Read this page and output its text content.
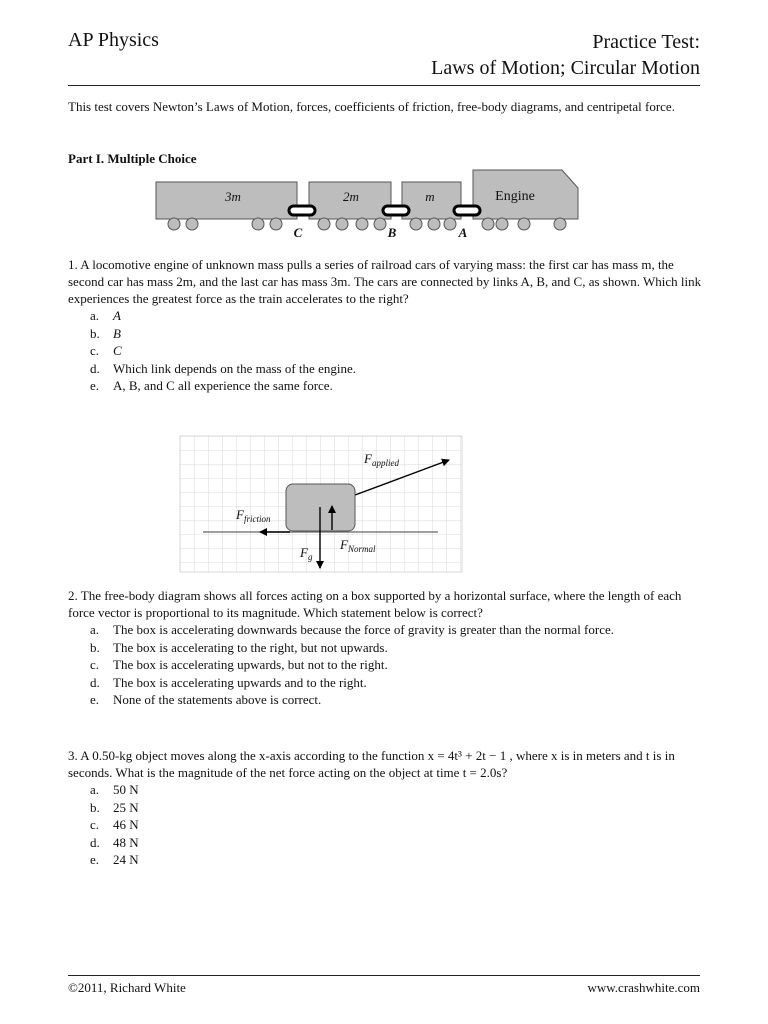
AP Physics	Practice Test:
Laws of Motion; Circular Motion
This test covers Newton’s Laws of Motion, forces, coefficients of friction, free-body diagrams, and centripetal force.
Part I. Multiple Choice
3m	2m	m	Engine
C	B	A

1. A locomotive engine of unknown mass pulls a series of railroad cars of varying mass: the first car has mass m, the second car has mass 2m, and the last car has mass 3m. The cars are connected by links A, B, and C, as shown. Which link experiences the greatest force as the train accelerates to the right?

a. A
b. B
c. C
d. Which link depends on the mass of the engine.
e. A, B, and C all experience the same force.
$F_{applied}$
$F_{friction}$
$F_{Normal}$
$F_g$

2. The free-body diagram shows all forces acting on a box supported by a horizontal surface, where the length of each force vector is proportional to its magnitude. Which statement below is correct?

a. The box is accelerating downwards because the force of gravity is greater than the normal force.
b. The box is accelerating to the right, but not upwards.
c. The box is accelerating upwards, but not to the right.
d. The box is accelerating upwards and to the right.
e. None of the statements above is correct.

3. A 0.50-kg object moves along the x-axis according to the function x = 4t³ + 2t − 1 , where x is in meters and t is in seconds. What is the magnitude of the net force acting on the object at time t = 2.0s?

a. 50 N
b. 25 N
c. 46 N
d. 48 N
e. 24 N
©2011, Richard White	www.crashwhite.com
